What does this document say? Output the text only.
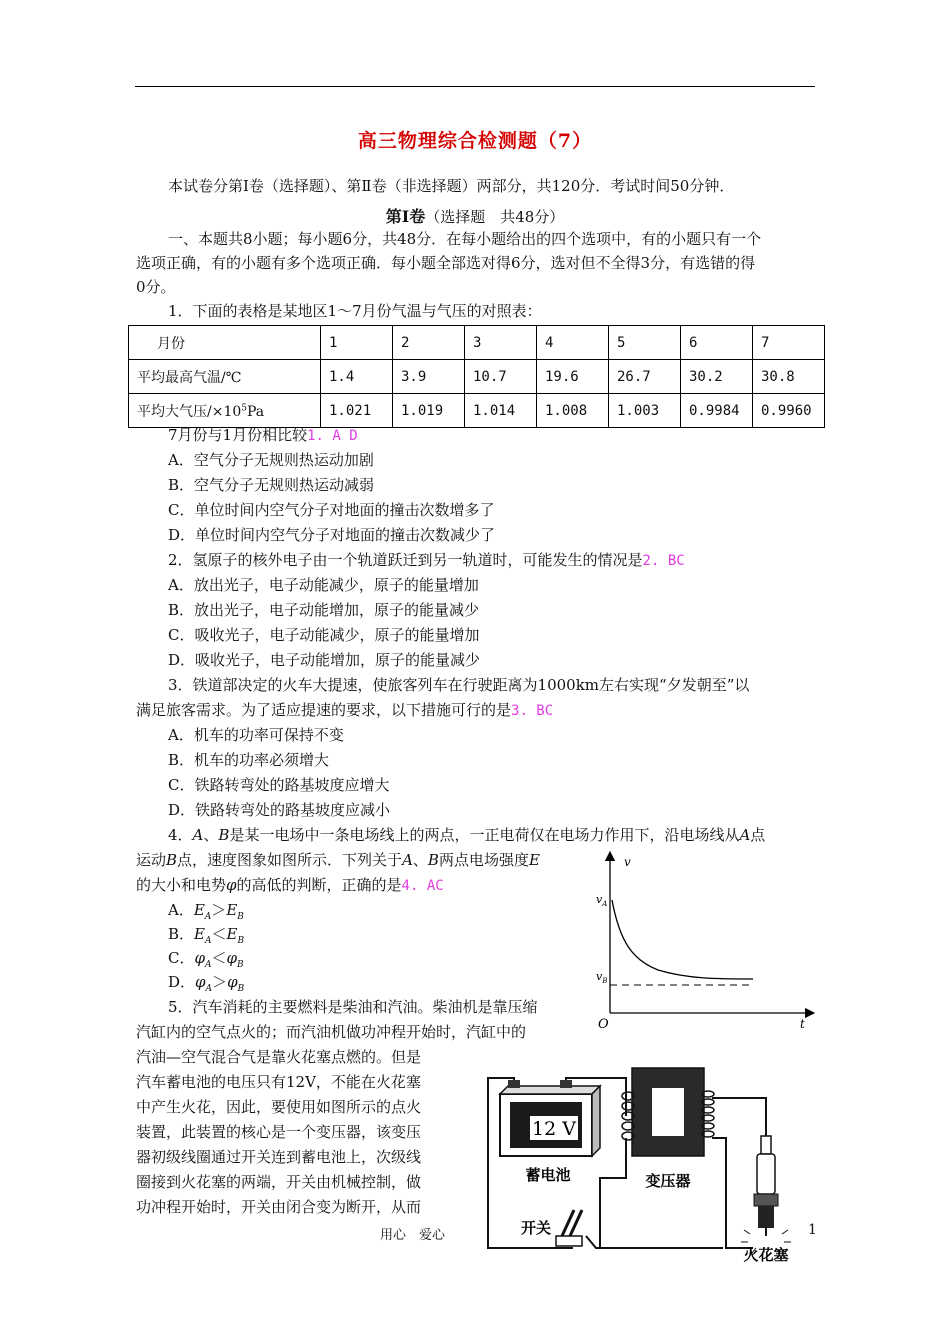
高三物理综合检测题（7）
本试卷分第Ⅰ卷（选择题）、第Ⅱ卷（非选择题）两部分，共120分．考试时间50分钟．
第Ⅰ卷（选择题　共48分）
一、本题共8小题；每小题6分，共48分．在每小题给出的四个选项中，有的小题只有一个
选项正确，有的小题有多个选项正确．每小题全部选对得6分，选对但不全得3分，有选错的得
0分。
1．下面的表格是某地区1～7月份气温与气压的对照表：
月份	1	2	3	4	5	6	7
平均最高气温/℃	1.4	3.9	10.7	19.6	26.7	30.2	30.8
平均大气压$/\times 10^5Pa$	1.021	1.019	1.014	1.008	1.003	0.9984	0.9960
7月份与1月份相比较1. A D
A．空气分子无规则热运动加剧
B．空气分子无规则热运动减弱
C．单位时间内空气分子对地面的撞击次数增多了
D．单位时间内空气分子对地面的撞击次数减少了
2．氢原子的核外电子由一个轨道跃迁到另一轨道时，可能发生的情况是2. BC
A．放出光子，电子动能减少，原子的能量增加
B．放出光子，电子动能增加，原子的能量减少
C．吸收光子，电子动能减少，原子的能量增加
D．吸收光子，电子动能增加，原子的能量减少
3．铁道部决定的火车大提速，使旅客列车在行驶距离为1000km左右实现“夕发朝至”以
满足旅客需求。为了适应提速的要求，以下措施可行的是3. BC
A．机车的功率可保持不变
B．机车的功率必须增大
C．铁路转弯处的路基坡度应增大
D．铁路转弯处的路基坡度应减小
4．A、B是某一电场中一条电场线上的两点，一正电荷仅在电场力作用下，沿电场线从A点
运动B点，速度图象如图所示．下列关于A、B两点电场强度E
的大小和电势φ的高低的判断，正确的是4. AC
A．$E_A>E_B$
B．$E_A<E_B$
C．$\varphi_A<\varphi_B$
D．$\varphi_A>\varphi_B$
v
$v_A$
$v_B$
O	t
5．汽车消耗的主要燃料是柴油和汽油。柴油机是靠压缩
汽缸内的空气点火的；而汽油机做功冲程开始时，汽缸中的
汽油—空气混合气是靠火花塞点燃的。但是
汽车蓄电池的电压只有12V，不能在火花塞
中产生火花，因此，要使用如图所示的点火
装置，此装置的核心是一个变压器，该变压
器初级线圈通过开关连到蓄电池上，次级线
圈接到火花塞的两端，开关由机械控制，做
功冲程开始时，开关由闭合变为断开，从而
12 V
蓄电池	变压器
开关
火花塞
用心　爱心	1
